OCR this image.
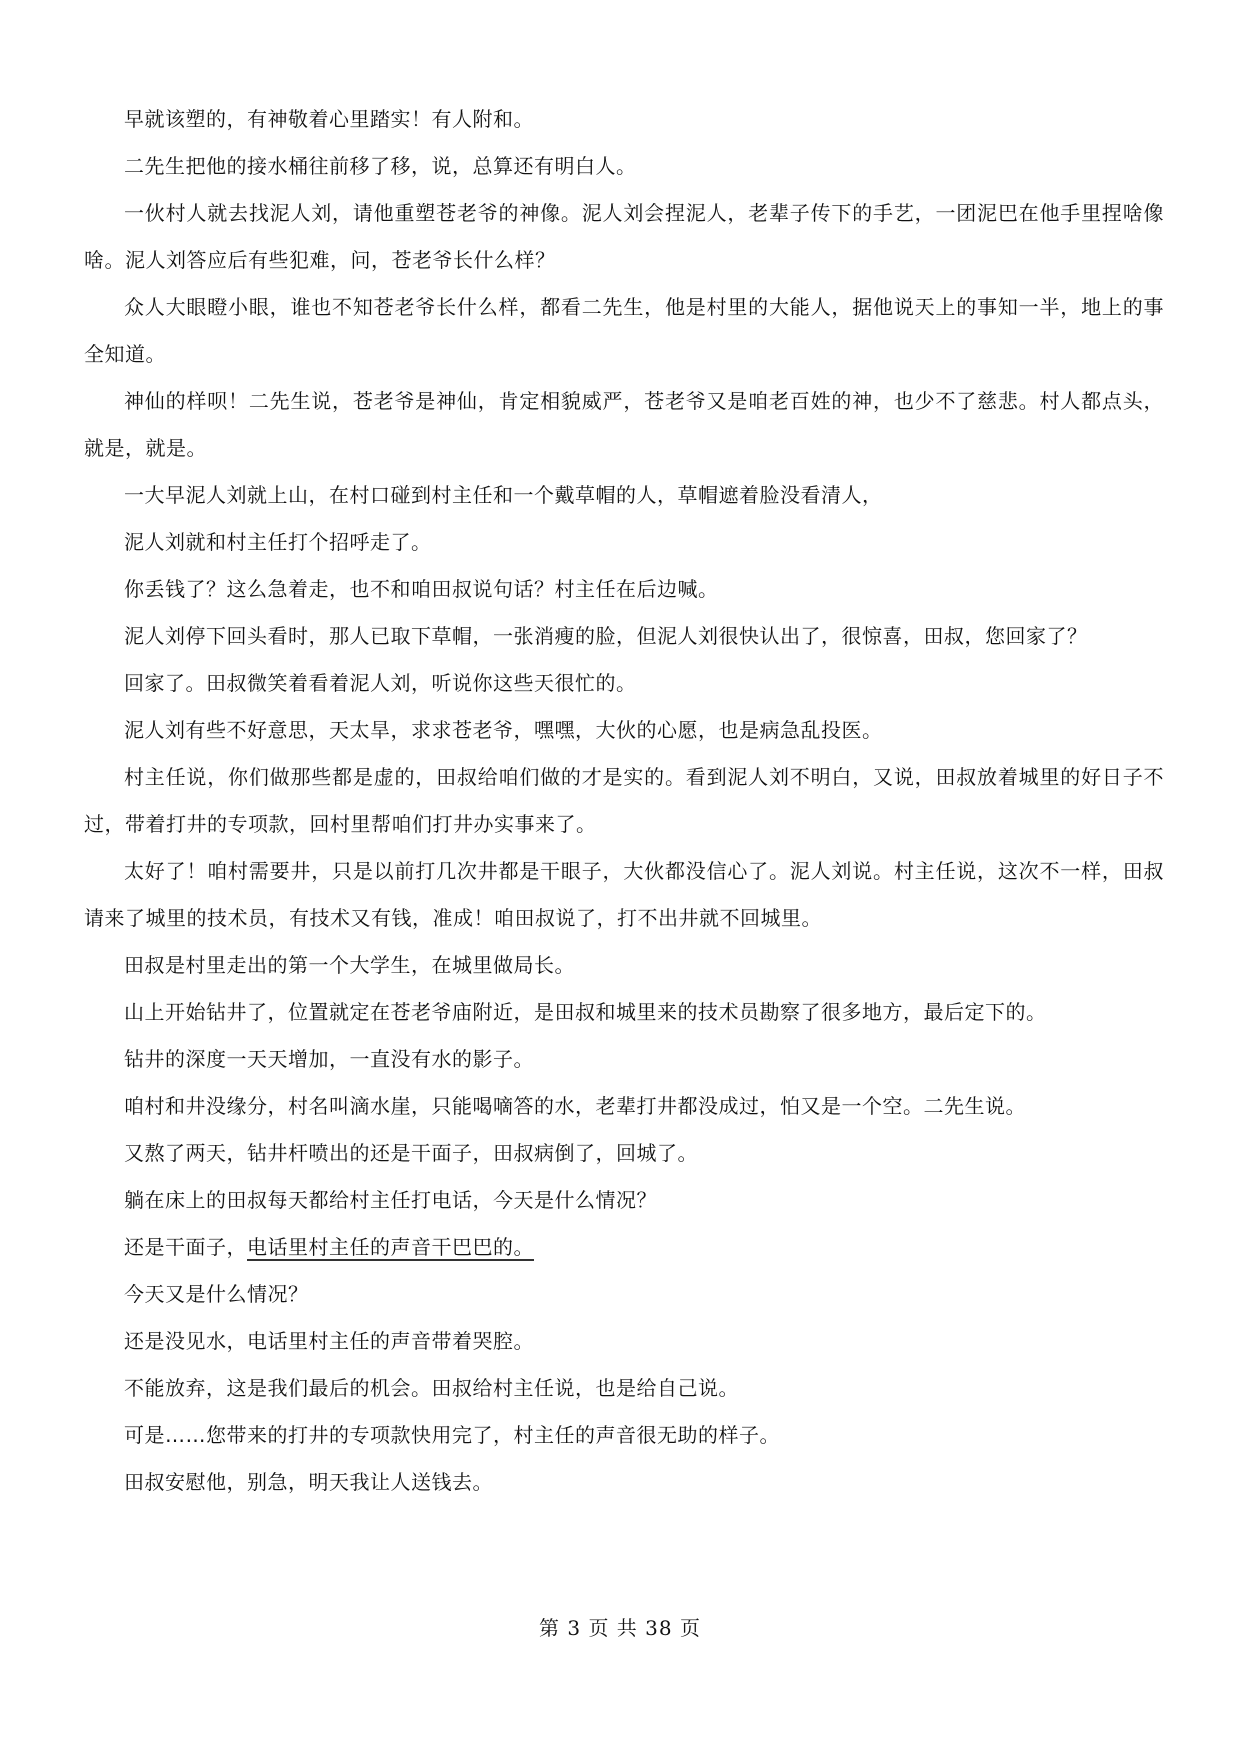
早就该塑的，有神敬着心里踏实！有人附和。

二先生把他的接水桶往前移了移，说，总算还有明白人。

一伙村人就去找泥人刘，请他重塑苍老爷的神像。泥人刘会捏泥人，老辈子传下的手艺，一团泥巴在他手里捏啥像啥。泥人刘答应后有些犯难，问，苍老爷长什么样？

众人大眼瞪小眼，谁也不知苍老爷长什么样，都看二先生，他是村里的大能人，据他说天上的事知一半，地上的事全知道。

神仙的样呗！二先生说，苍老爷是神仙，肯定相貌威严，苍老爷又是咱老百姓的神，也少不了慈悲。村人都点头，就是，就是。

一大早泥人刘就上山，在村口碰到村主任和一个戴草帽的人，草帽遮着脸没看清人，

泥人刘就和村主任打个招呼走了。

你丢钱了？这么急着走，也不和咱田叔说句话？村主任在后边喊。

泥人刘停下回头看时，那人已取下草帽，一张消瘦的脸，但泥人刘很快认出了，很惊喜，田叔，您回家了？

回家了。田叔微笑着看着泥人刘，听说你这些天很忙的。

泥人刘有些不好意思，天太旱，求求苍老爷，嘿嘿，大伙的心愿，也是病急乱投医。

村主任说，你们做那些都是虚的，田叔给咱们做的才是实的。看到泥人刘不明白，又说，田叔放着城里的好日子不过，带着打井的专项款，回村里帮咱们打井办实事来了。

太好了！咱村需要井，只是以前打几次井都是干眼子，大伙都没信心了。泥人刘说。村主任说，这次不一样，田叔请来了城里的技术员，有技术又有钱，准成！咱田叔说了，打不出井就不回城里。

田叔是村里走出的第一个大学生，在城里做局长。

山上开始钻井了，位置就定在苍老爷庙附近，是田叔和城里来的技术员勘察了很多地方，最后定下的。

钻井的深度一天天增加，一直没有水的影子。

咱村和井没缘分，村名叫滴水崖，只能喝嘀答的水，老辈打井都没成过，怕又是一个空。二先生说。

又熬了两天，钻井杆喷出的还是干面子，田叔病倒了，回城了。

躺在床上的田叔每天都给村主任打电话，今天是什么情况？

还是干面子，电话里村主任的声音干巴巴的。

今天又是什么情况？

还是没见水，电话里村主任的声音带着哭腔。

不能放弃，这是我们最后的机会。田叔给村主任说，也是给自己说。

可是……您带来的打井的专项款快用完了，村主任的声音很无助的样子。

田叔安慰他，别急，明天我让人送钱去。

第 3 页 共 38 页
